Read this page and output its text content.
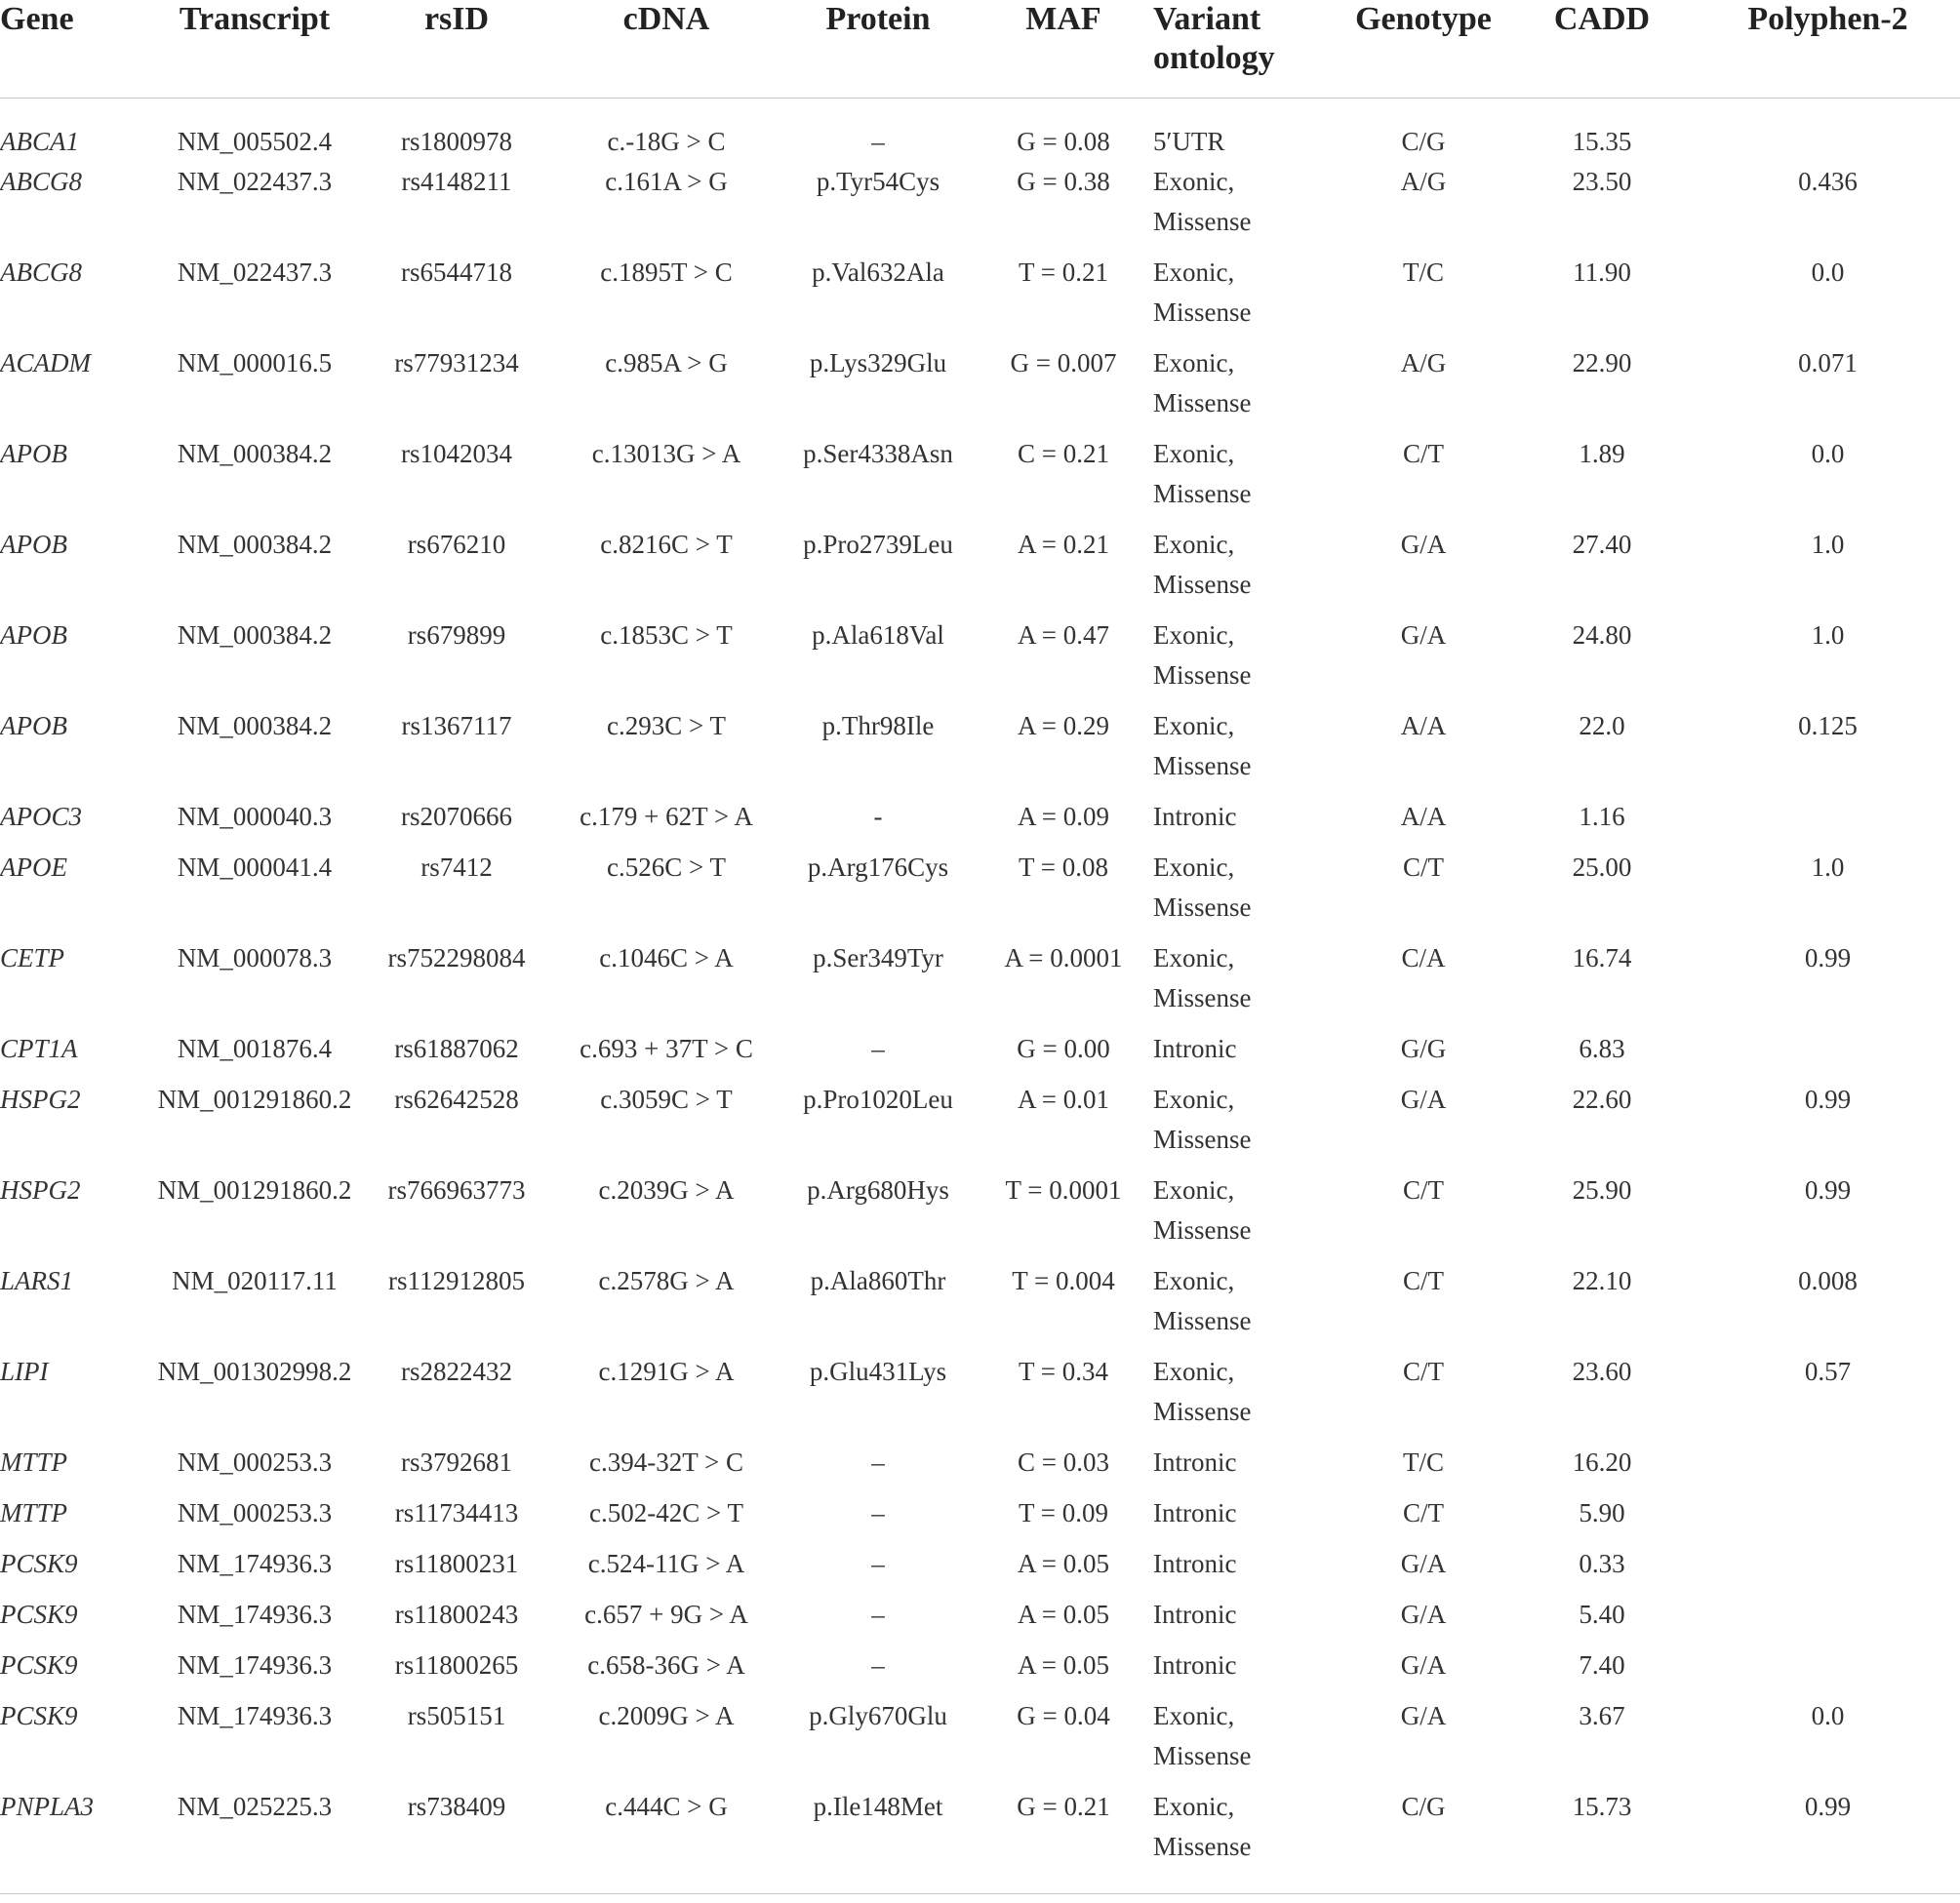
Gene	Transcript	rsID	cDNA	Protein	MAF	Variant
ontology	Genotype	CADD	Polyphen-2
ABCA1	NM_005502.4	rs1800978	c.-18G > C	–	G = 0.08	5′UTR	C/G	15.35	
ABCG8	NM_022437.3	rs4148211	c.161A > G	p.Tyr54Cys	G = 0.38	Exonic,
Missense	A/G	23.50	0.436
ABCG8	NM_022437.3	rs6544718	c.1895T > C	p.Val632Ala	T = 0.21	Exonic,
Missense	T/C	11.90	0.0
ACADM	NM_000016.5	rs77931234	c.985A > G	p.Lys329Glu	G = 0.007	Exonic,
Missense	A/G	22.90	0.071
APOB	NM_000384.2	rs1042034	c.13013G > A	p.Ser4338Asn	C = 0.21	Exonic,
Missense	C/T	1.89	0.0
APOB	NM_000384.2	rs676210	c.8216C > T	p.Pro2739Leu	A = 0.21	Exonic,
Missense	G/A	27.40	1.0
APOB	NM_000384.2	rs679899	c.1853C > T	p.Ala618Val	A = 0.47	Exonic,
Missense	G/A	24.80	1.0
APOB	NM_000384.2	rs1367117	c.293C > T	p.Thr98Ile	A = 0.29	Exonic,
Missense	A/A	22.0	0.125
APOC3	NM_000040.3	rs2070666	c.179 + 62T > A	-	A = 0.09	Intronic	A/A	1.16	
APOE	NM_000041.4	rs7412	c.526C > T	p.Arg176Cys	T = 0.08	Exonic,
Missense	C/T	25.00	1.0
CETP	NM_000078.3	rs752298084	c.1046C > A	p.Ser349Tyr	A = 0.0001	Exonic,
Missense	C/A	16.74	0.99
CPT1A	NM_001876.4	rs61887062	c.693 + 37T > C	–	G = 0.00	Intronic	G/G	6.83	
HSPG2	NM_001291860.2	rs62642528	c.3059C > T	p.Pro1020Leu	A = 0.01	Exonic,
Missense	G/A	22.60	0.99
HSPG2	NM_001291860.2	rs766963773	c.2039G > A	p.Arg680Hys	T = 0.0001	Exonic,
Missense	C/T	25.90	0.99
LARS1	NM_020117.11	rs112912805	c.2578G > A	p.Ala860Thr	T = 0.004	Exonic,
Missense	C/T	22.10	0.008
LIPI	NM_001302998.2	rs2822432	c.1291G > A	p.Glu431Lys	T = 0.34	Exonic,
Missense	C/T	23.60	0.57
MTTP	NM_000253.3	rs3792681	c.394-32T > C	–	C = 0.03	Intronic	T/C	16.20	
MTTP	NM_000253.3	rs11734413	c.502-42C > T	–	T = 0.09	Intronic	C/T	5.90	
PCSK9	NM_174936.3	rs11800231	c.524-11G > A	–	A = 0.05	Intronic	G/A	0.33	
PCSK9	NM_174936.3	rs11800243	c.657 + 9G > A	–	A = 0.05	Intronic	G/A	5.40	
PCSK9	NM_174936.3	rs11800265	c.658-36G > A	–	A = 0.05	Intronic	G/A	7.40	
PCSK9	NM_174936.3	rs505151	c.2009G > A	p.Gly670Glu	G = 0.04	Exonic,
Missense	G/A	3.67	0.0
PNPLA3	NM_025225.3	rs738409	c.444C > G	p.Ile148Met	G = 0.21	Exonic,
Missense	C/G	15.73	0.99
